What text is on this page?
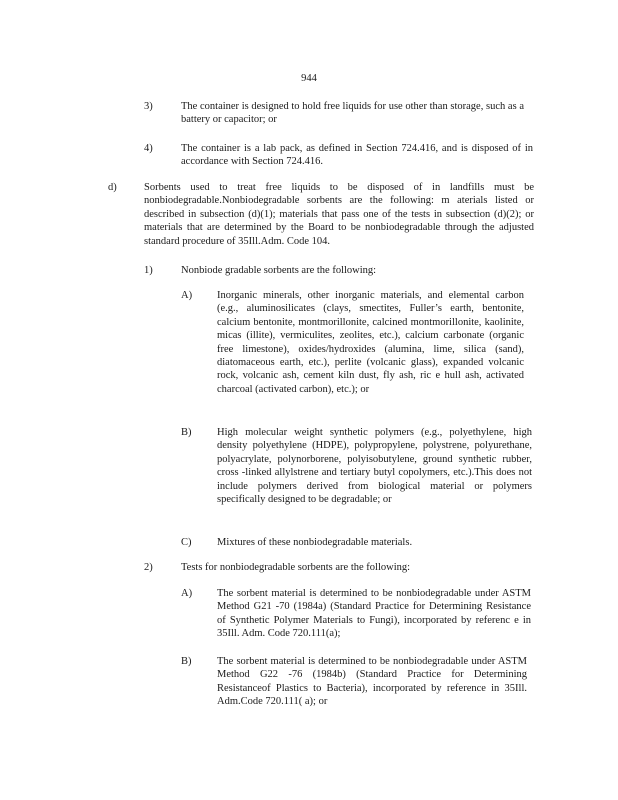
944
3)	The container is designed to hold free liquids for use other than storage, such as a battery or capacitor; or
4)	The container is a lab pack, as defined in Section 724.416, and is disposed of in accordance with Section 724.416.
d)	Sorbents used to treat free liquids to be disposed of in landfills must be nonbiodegradable.Nonbiodegradable sorbents are the following: m aterials listed or described in subsection (d)(1); materials that pass one of the tests in subsection (d)(2); or materials that are determined by the Board to be nonbiodegradable through the adjusted standard procedure of 35Ill.Adm. Code 104.
1)	Nonbiode gradable sorbents are the following:
A) Inorganic minerals, other inorganic materials, and elemental carbon (e.g., aluminosilicates (clays, smectites, Fuller’s earth, bentonite, calcium bentonite, montmorillonite, calcined montmorillonite, kaolinite, micas (illite), vermiculites, zeolites, etc.), calcium carbonate (organic free limestone), oxides/hydroxides (alumina, lime, silica (sand), diatomaceous earth, etc.), perlite (volcanic glass), expanded volcanic rock, volcanic ash, cement kiln dust, fly ash, ric e hull ash, activated charcoal (activated carbon), etc.); or
B) High molecular weight synthetic polymers (e.g., polyethylene, high density polyethylene (HDPE), polypropylene, polystrene, polyurethane, polyacrylate, polynorborene, polyisobutylene, ground synthetic rubber, cross -linked allylstrene and tertiary butyl copolymers, etc.).This does not include polymers derived from biological material or polymers specifically designed to be degradable; or
C) Mixtures of these nonbiodegradable materials.
2)	Tests for nonbiodegradable sorbents are the following:
A) The sorbent material is determined to be nonbiodegradable under ASTM Method G21 -70 (1984a) (Standard Practice for Determining Resistance of Synthetic Polymer Materials to Fungi), incorporated by referenc e in 35Ill. Adm. Code 720.111(a);
B) The sorbent material is determined to be nonbiodegradable under ASTM Method G22 -76 (1984b) (Standard Practice for Determining Resistanceof Plastics to Bacteria), incorporated by reference in 35Ill. Adm.Code 720.111( a); or
